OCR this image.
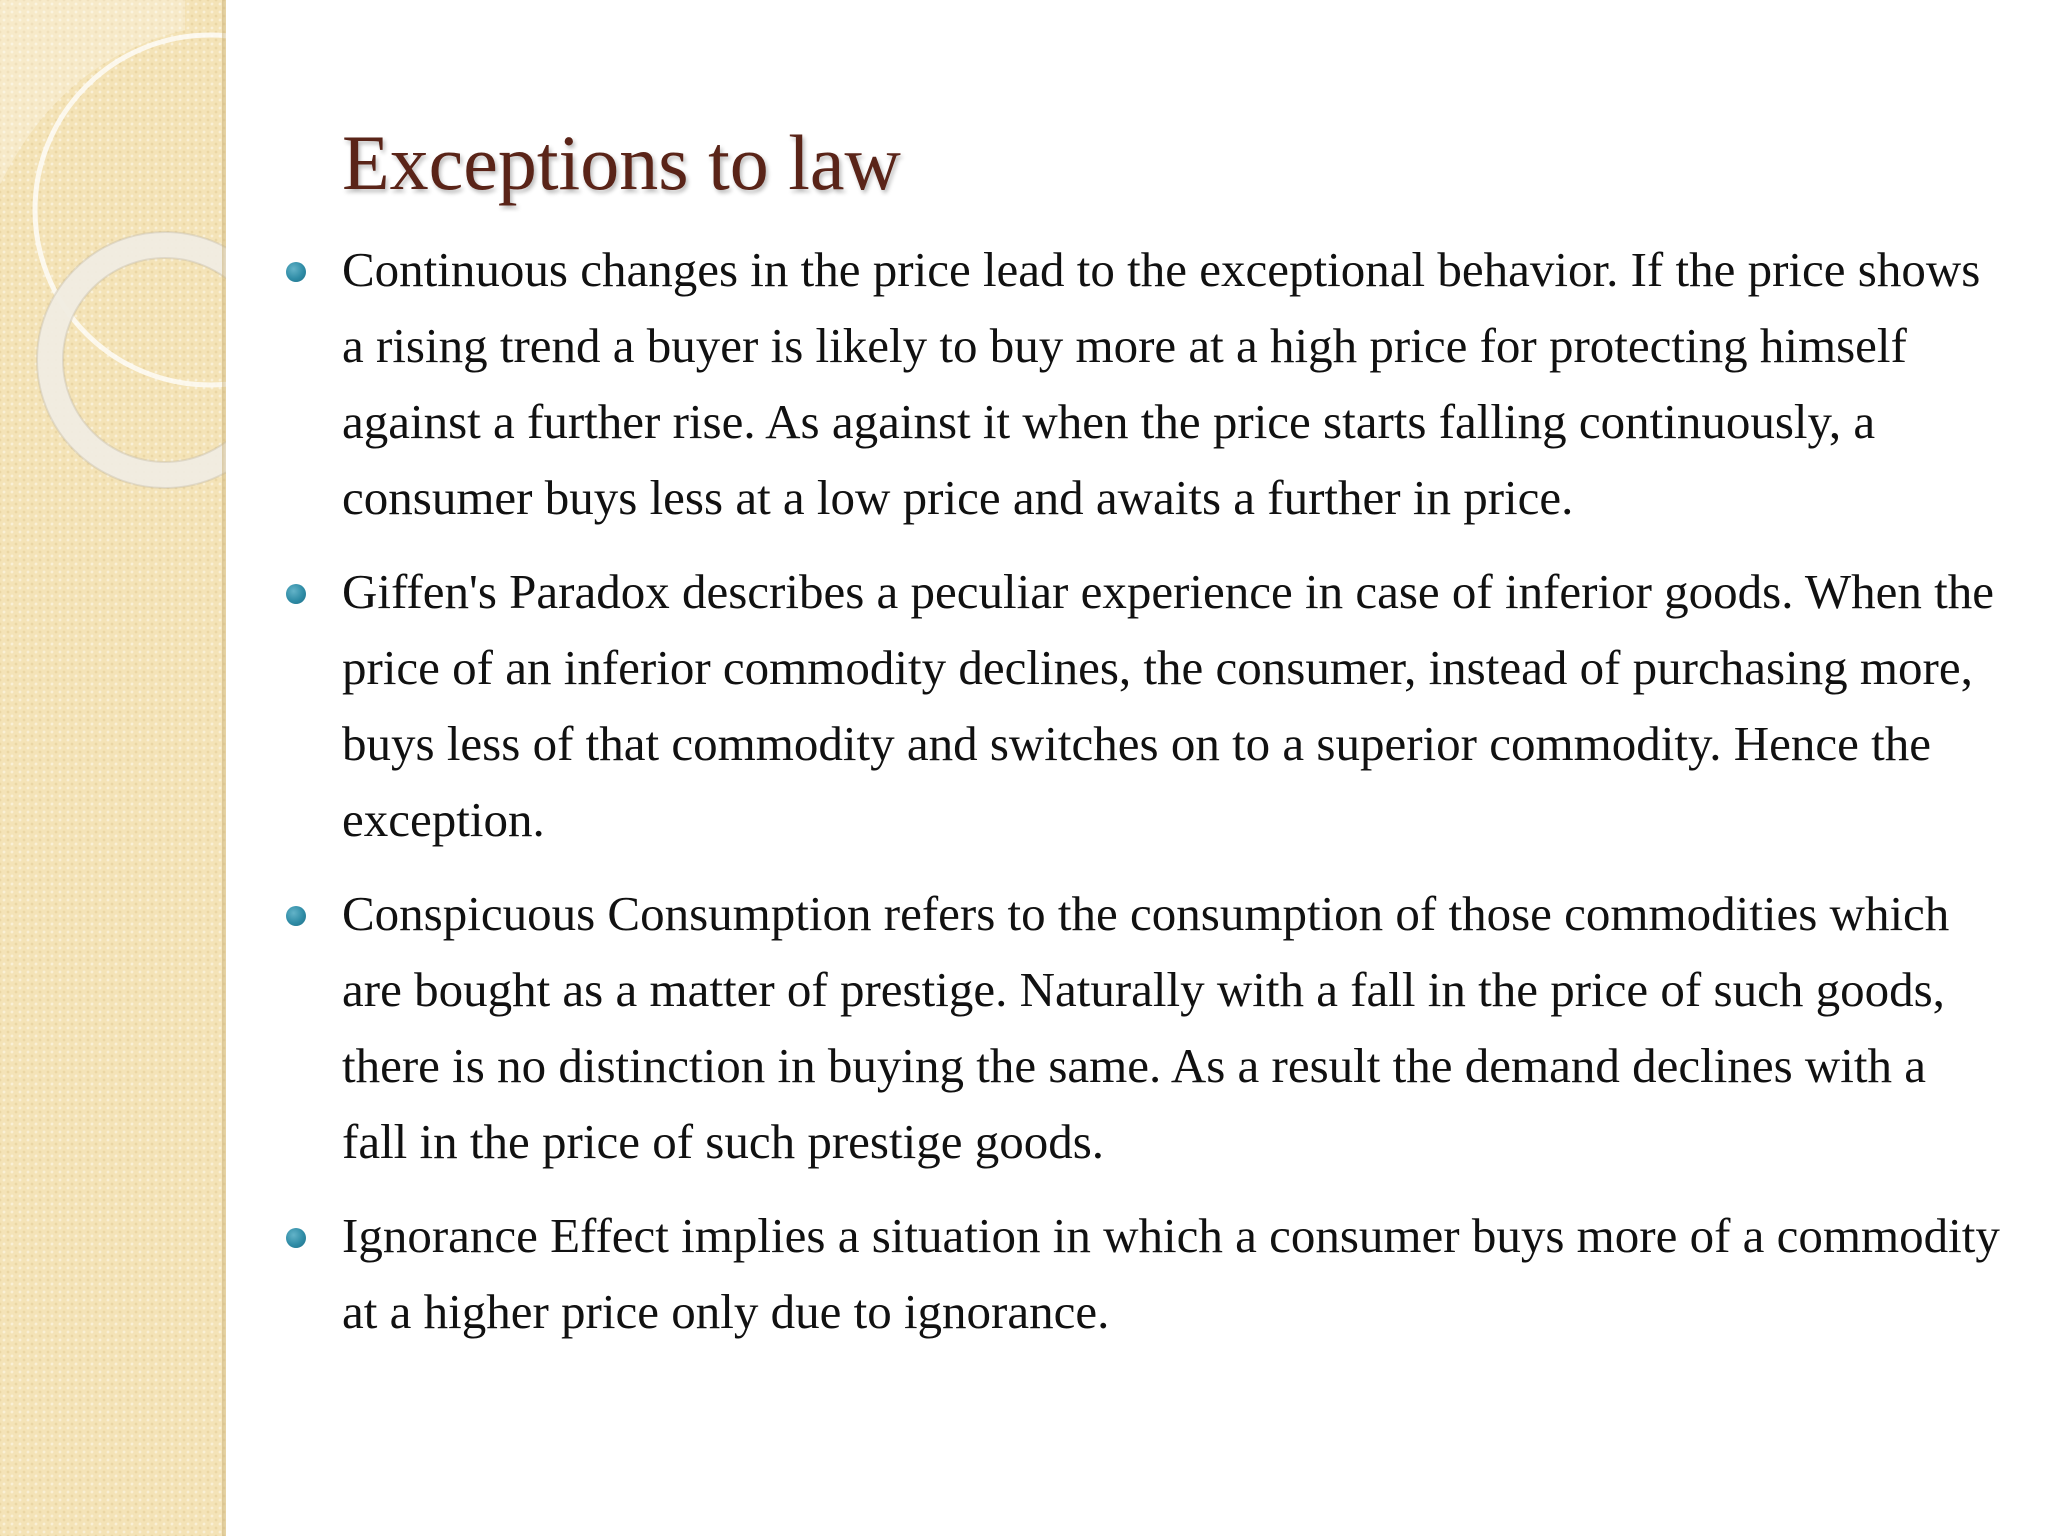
Exceptions to law
Continuous changes in the price lead to the exceptional behavior. If the price shows a rising trend a buyer is likely to buy more at a high price for protecting himself against a further rise. As against it when the price starts falling continuously, a consumer buys less at a low price and awaits a further in price.
Giffen's Paradox describes a peculiar experience in case of inferior goods. When the price of an inferior commodity declines, the consumer, instead of purchasing more, buys less of that commodity and switches on to a superior commodity. Hence the exception.
Conspicuous Consumption refers to the consumption of those commodities which are bought as a matter of prestige. Naturally with a fall in the price of such goods, there is no distinction in buying the same. As a result the demand declines with a fall in the price of such prestige goods.
Ignorance Effect implies a situation in which a consumer buys more of a commodity at a higher price only due to ignorance.
